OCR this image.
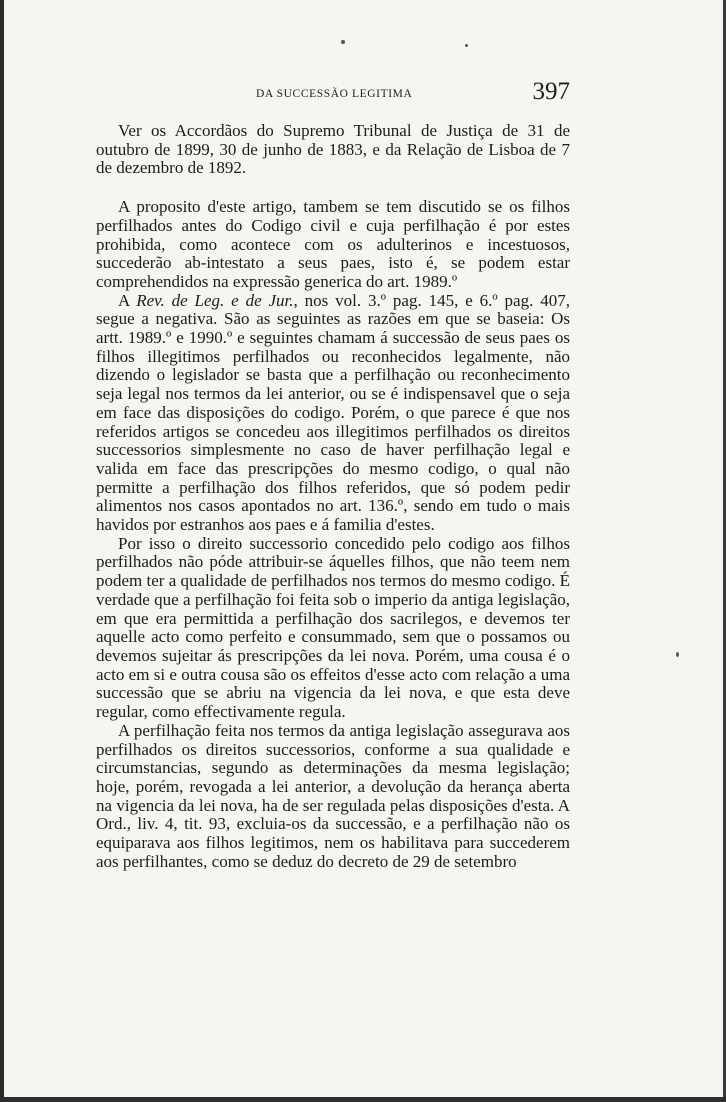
DA SUCCESSÃO LEGITIMA	397

Ver os Accordãos do Supremo Tribunal de Justiça de 31 de outubro de 1899, 30 de junho de 1883, e da Relação de Lisboa de 7 de dezembro de 1892.

A proposito d'este artigo, tambem se tem discutido se os filhos perfilhados antes do Codigo civil e cuja perfilhação é por estes prohibida, como acontece com os adulterinos e incestuosos, succederão ab-intestato a seus paes, isto é, se podem estar comprehendidos na expressão generica do art. 1989.º

A Rev. de Leg. e de Jur., nos vol. 3.º pag. 145, e 6.º pag. 407, segue a negativa. São as seguintes as razões em que se baseia: Os artt. 1989.º e 1990.º e seguintes chamam á successão de seus paes os filhos illegitimos perfilhados ou reconhecidos legalmente, não dizendo o legislador se basta que a perfilhação ou reconhecimento seja legal nos termos da lei anterior, ou se é indispensavel que o seja em face das disposições do codigo. Porém, o que parece é que nos referidos artigos se concedeu aos illegitimos perfilhados os direitos successorios simplesmente no caso de haver perfilhação legal e valida em face das prescripções do mesmo codigo, o qual não permitte a perfilhação dos filhos referidos, que só podem pedir alimentos nos casos apontados no art. 136.º, sendo em tudo o mais havidos por estranhos aos paes e á familia d'estes.

Por isso o direito successorio concedido pelo codigo aos filhos perfilhados não póde attribuir-se áquelles filhos, que não teem nem podem ter a qualidade de perfilhados nos termos do mesmo codigo. É verdade que a perfilhação foi feita sob o imperio da antiga legislação, em que era permittida a perfilhação dos sacrilegos, e devemos ter aquelle acto como perfeito e consummado, sem que o possamos ou devemos sujeitar ás prescripções da lei nova. Porém, uma cousa é o acto em si e outra cousa são os effeitos d'esse acto com relação a uma successão que se abriu na vigencia da lei nova, e que esta deve regular, como effectivamente regula.

A perfilhação feita nos termos da antiga legislação assegurava aos perfilhados os direitos successorios, conforme a sua qualidade e circumstancias, segundo as determinações da mesma legislação; hoje, porém, revogada a lei anterior, a devolução da herança aberta na vigencia da lei nova, ha de ser regulada pelas disposições d'esta. A Ord., liv. 4, tit. 93, excluia-os da successão, e a perfilhação não os equiparava aos filhos legitimos, nem os habilitava para succederem aos perfilhantes, como se deduz do decreto de 29 de setembro
